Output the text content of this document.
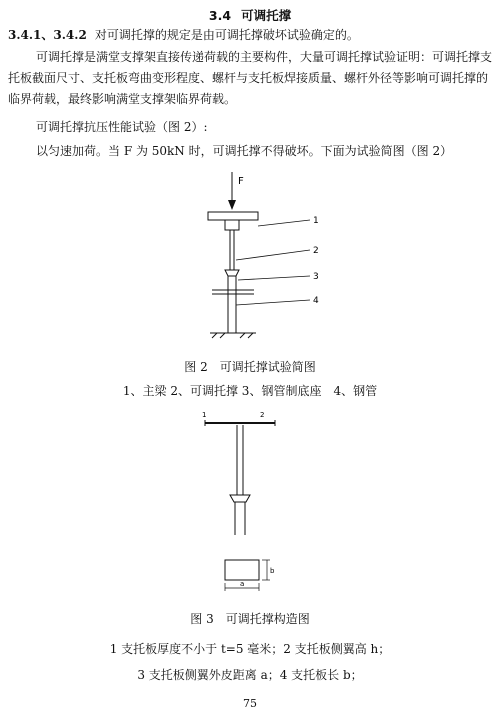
3.4 可调托撑
3.4.1、3.4.2 对可调托撑的规定是由可调托撑破坏试验确定的。
可调托撑是满堂支撑架直接传递荷载的主要构件，大量可调托撑试验证明：可调托撑支托板截面尺寸、支托板弯曲变形程度、螺杆与支托板焊接质量、螺杆外径等影响可调托撑的临界荷载，最终影响满堂支撑架临界荷载。
可调托撑抗压性能试验（图 2）:
以匀速加荷。当 F 为 50kN 时，可调托撑不得破坏。下面为试验简图（图 2）
F
1
2
3
4
图 2　可调托撑试验简图
1、主梁 2、可调托撑 3、钢管制底座　4、钢管
1	2
a
b
图 3　可调托撑构造图
1 支托板厚度不小于 t=5 毫米；2 支托板侧翼高 h；
3 支托板侧翼外皮距离 a；4 支托板长 b；
75
